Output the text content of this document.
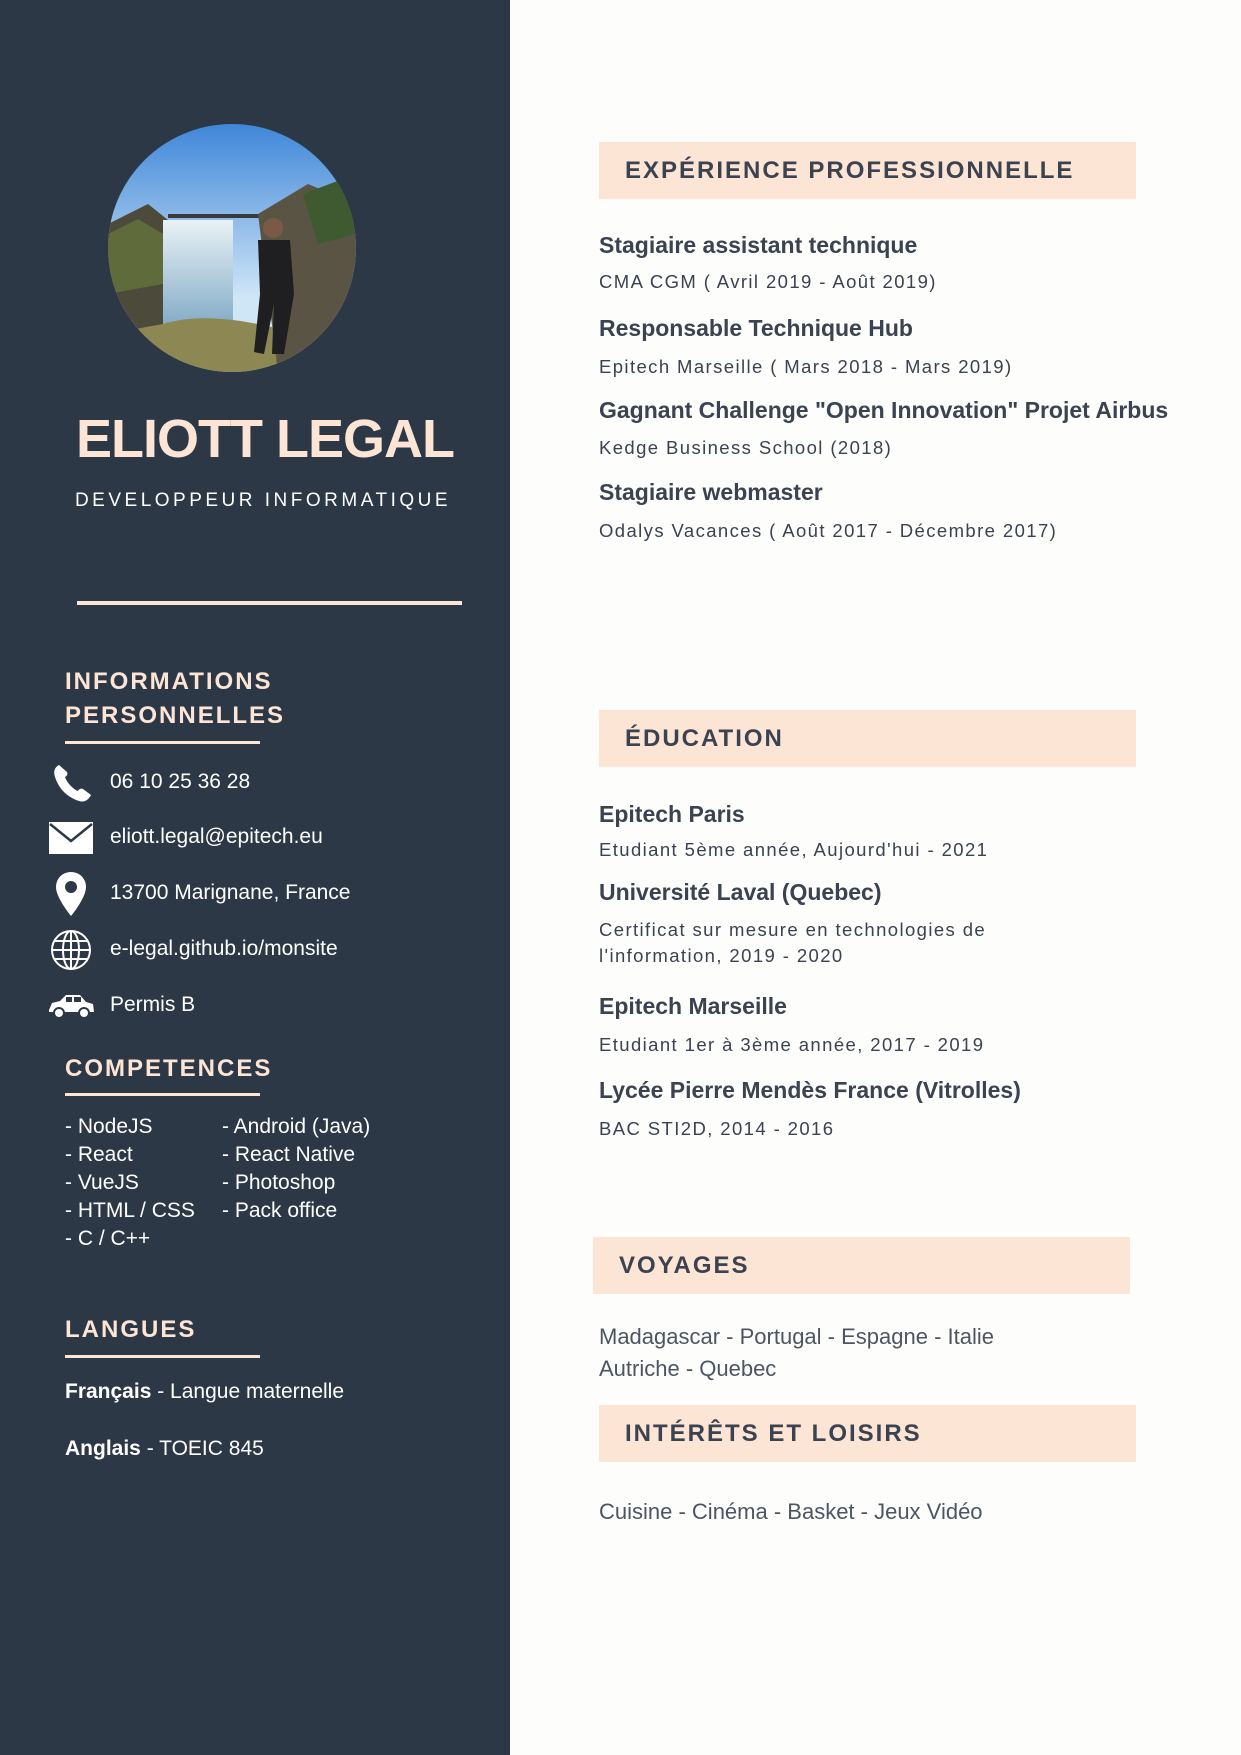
ELIOTT LEGAL
DEVELOPPEUR INFORMATIQUE
INFORMATIONS
PERSONNELLES
06 10 25 36 28
eliott.legal@epitech.eu
13700 Marignane, France
e-legal.github.io/monsite
Permis B
COMPETENCES
- NodeJS
- React
- VueJS
- HTML / CSS
- C / C++
- Android (Java)
- React Native
- Photoshop
- Pack office
LANGUES
Français - Langue maternelle
Anglais - TOEIC 845
EXPÉRIENCE PROFESSIONNELLE
Stagiaire assistant technique
CMA CGM ( Avril 2019 - Août 2019)
Responsable Technique Hub
Epitech Marseille ( Mars 2018 - Mars 2019)
Gagnant Challenge "Open Innovation" Projet Airbus
Kedge Business School (2018)
Stagiaire webmaster
Odalys Vacances ( Août 2017 - Décembre 2017)
ÉDUCATION
Epitech Paris
Etudiant 5ème année, Aujourd'hui - 2021
Université Laval (Quebec)
Certificat sur mesure en technologies de
l'information, 2019 - 2020
Epitech Marseille
Etudiant 1er à 3ème année, 2017 - 2019
Lycée Pierre Mendès France (Vitrolles)
BAC STI2D, 2014 - 2016
VOYAGES
Madagascar - Portugal - Espagne - Italie
Autriche - Quebec
INTÉRÊTS ET LOISIRS
Cuisine - Cinéma - Basket - Jeux Vidéo
